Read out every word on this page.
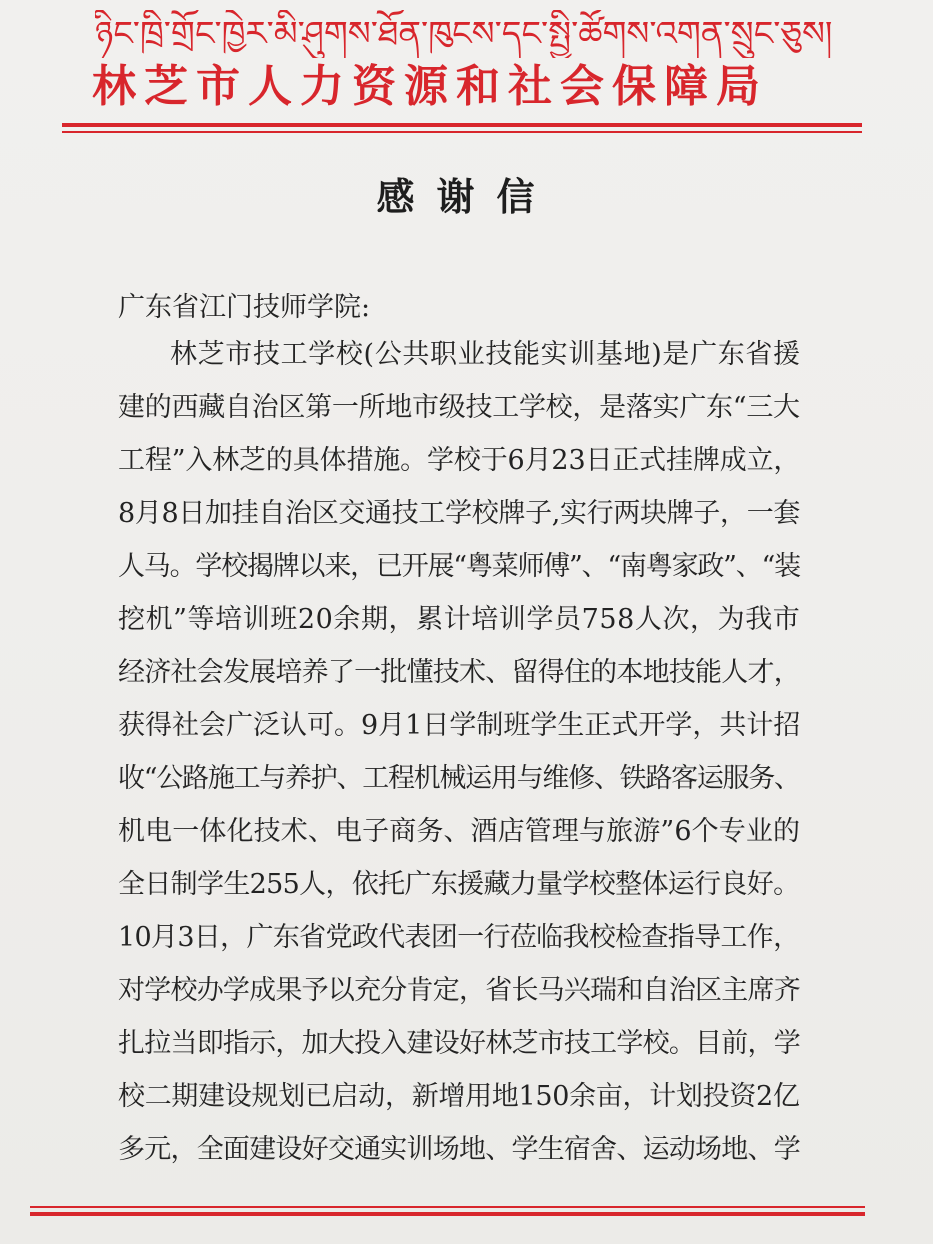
ཉིང་ཁྲི་གྲོང་ཁྱེར་མི་ཤུགས་ཐོན་ཁུངས་དང་སྤྱི་ཚོགས་འགན་སྲུང་ཅུས།
林芝市人力资源和社会保障局
感谢信
广东省江门技师学院:
林芝市技工学校(公共职业技能实训基地)是广东省援
建的西藏自治区第一所地市级技工学校，是落实广东“三大
工程”入林芝的具体措施。学校于6月23日正式挂牌成立，
8月8日加挂自治区交通技工学校牌子,实行两块牌子，一套
人马。学校揭牌以来，已开展“粤菜师傅”、“南粤家政”、“装
挖机”等培训班20余期，累计培训学员758人次，为我市
经济社会发展培养了一批懂技术、留得住的本地技能人才，
获得社会广泛认可。9月1日学制班学生正式开学，共计招
收“公路施工与养护、工程机械运用与维修、铁路客运服务、
机电一体化技术、电子商务、酒店管理与旅游”6个专业的
全日制学生255人，依托广东援藏力量学校整体运行良好。
10月3日，广东省党政代表团一行莅临我校检查指导工作，
对学校办学成果予以充分肯定，省长马兴瑞和自治区主席齐
扎拉当即指示，加大投入建设好林芝市技工学校。目前，学
校二期建设规划已启动，新增用地150余亩，计划投资2亿
多元，全面建设好交通实训场地、学生宿舍、运动场地、学
